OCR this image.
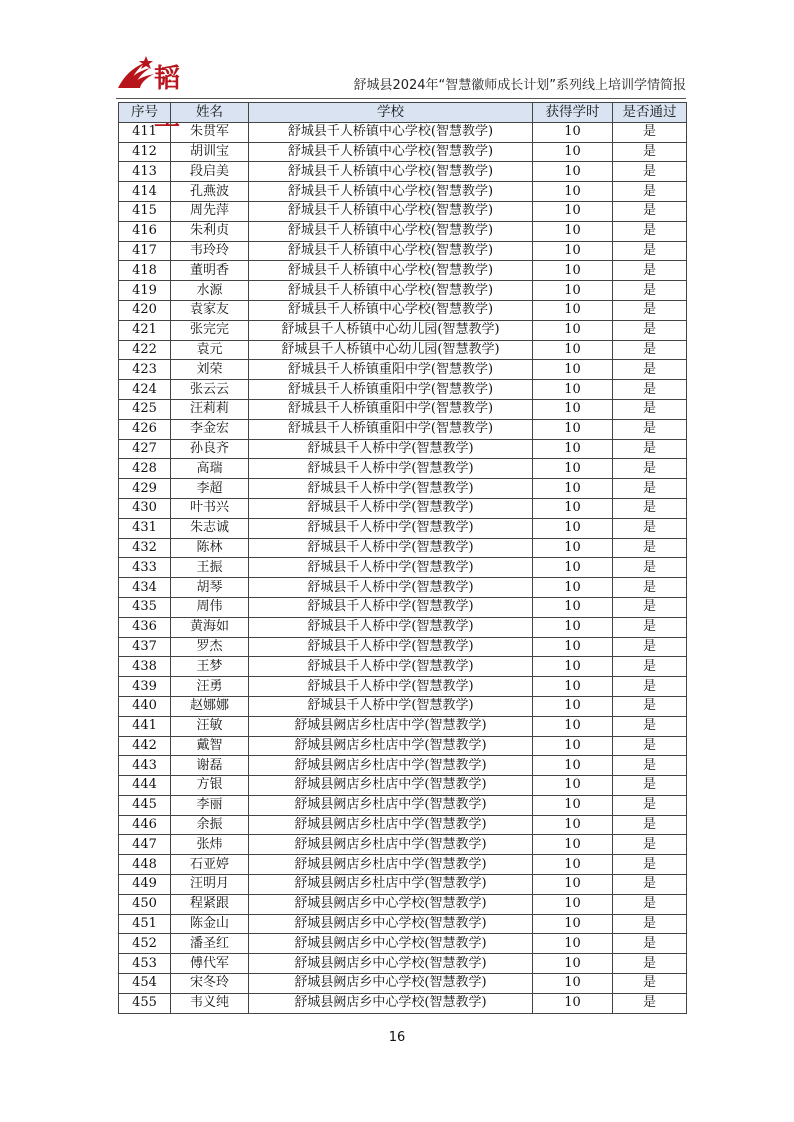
韬	舒城县2024年“智慧徽师成长计划”系列线上培训学情简报
序号	姓名	学校	获得学时	是否通过
411	朱贯军	舒城县千人桥镇中心学校(智慧教学)	10	是
412	胡训宝	舒城县千人桥镇中心学校(智慧教学)	10	是
413	段启美	舒城县千人桥镇中心学校(智慧教学)	10	是
414	孔燕波	舒城县千人桥镇中心学校(智慧教学)	10	是
415	周先萍	舒城县千人桥镇中心学校(智慧教学)	10	是
416	朱利贞	舒城县千人桥镇中心学校(智慧教学)	10	是
417	韦玲玲	舒城县千人桥镇中心学校(智慧教学)	10	是
418	董明香	舒城县千人桥镇中心学校(智慧教学)	10	是
419	水源	舒城县千人桥镇中心学校(智慧教学)	10	是
420	袁家友	舒城县千人桥镇中心学校(智慧教学)	10	是
421	张完完	舒城县千人桥镇中心幼儿园(智慧教学)	10	是
422	袁元	舒城县千人桥镇中心幼儿园(智慧教学)	10	是
423	刘荣	舒城县千人桥镇重阳中学(智慧教学)	10	是
424	张云云	舒城县千人桥镇重阳中学(智慧教学)	10	是
425	汪莉莉	舒城县千人桥镇重阳中学(智慧教学)	10	是
426	李金宏	舒城县千人桥镇重阳中学(智慧教学)	10	是
427	孙良齐	舒城县千人桥中学(智慧教学)	10	是
428	高瑞	舒城县千人桥中学(智慧教学)	10	是
429	李超	舒城县千人桥中学(智慧教学)	10	是
430	叶书兴	舒城县千人桥中学(智慧教学)	10	是
431	朱志诚	舒城县千人桥中学(智慧教学)	10	是
432	陈林	舒城县千人桥中学(智慧教学)	10	是
433	王振	舒城县千人桥中学(智慧教学)	10	是
434	胡琴	舒城县千人桥中学(智慧教学)	10	是
435	周伟	舒城县千人桥中学(智慧教学)	10	是
436	黄海如	舒城县千人桥中学(智慧教学)	10	是
437	罗杰	舒城县千人桥中学(智慧教学)	10	是
438	王梦	舒城县千人桥中学(智慧教学)	10	是
439	汪勇	舒城县千人桥中学(智慧教学)	10	是
440	赵娜娜	舒城县千人桥中学(智慧教学)	10	是
441	汪敏	舒城县阙店乡杜店中学(智慧教学)	10	是
442	戴智	舒城县阙店乡杜店中学(智慧教学)	10	是
443	谢磊	舒城县阙店乡杜店中学(智慧教学)	10	是
444	方银	舒城县阙店乡杜店中学(智慧教学)	10	是
445	李丽	舒城县阙店乡杜店中学(智慧教学)	10	是
446	余振	舒城县阙店乡杜店中学(智慧教学)	10	是
447	张炜	舒城县阙店乡杜店中学(智慧教学)	10	是
448	石亚婷	舒城县阙店乡杜店中学(智慧教学)	10	是
449	汪明月	舒城县阙店乡杜店中学(智慧教学)	10	是
450	程紧跟	舒城县阙店乡中心学校(智慧教学)	10	是
451	陈金山	舒城县阙店乡中心学校(智慧教学)	10	是
452	潘圣红	舒城县阙店乡中心学校(智慧教学)	10	是
453	傅代军	舒城县阙店乡中心学校(智慧教学)	10	是
454	宋冬玲	舒城县阙店乡中心学校(智慧教学)	10	是
455	韦义纯	舒城县阙店乡中心学校(智慧教学)	10	是
16
